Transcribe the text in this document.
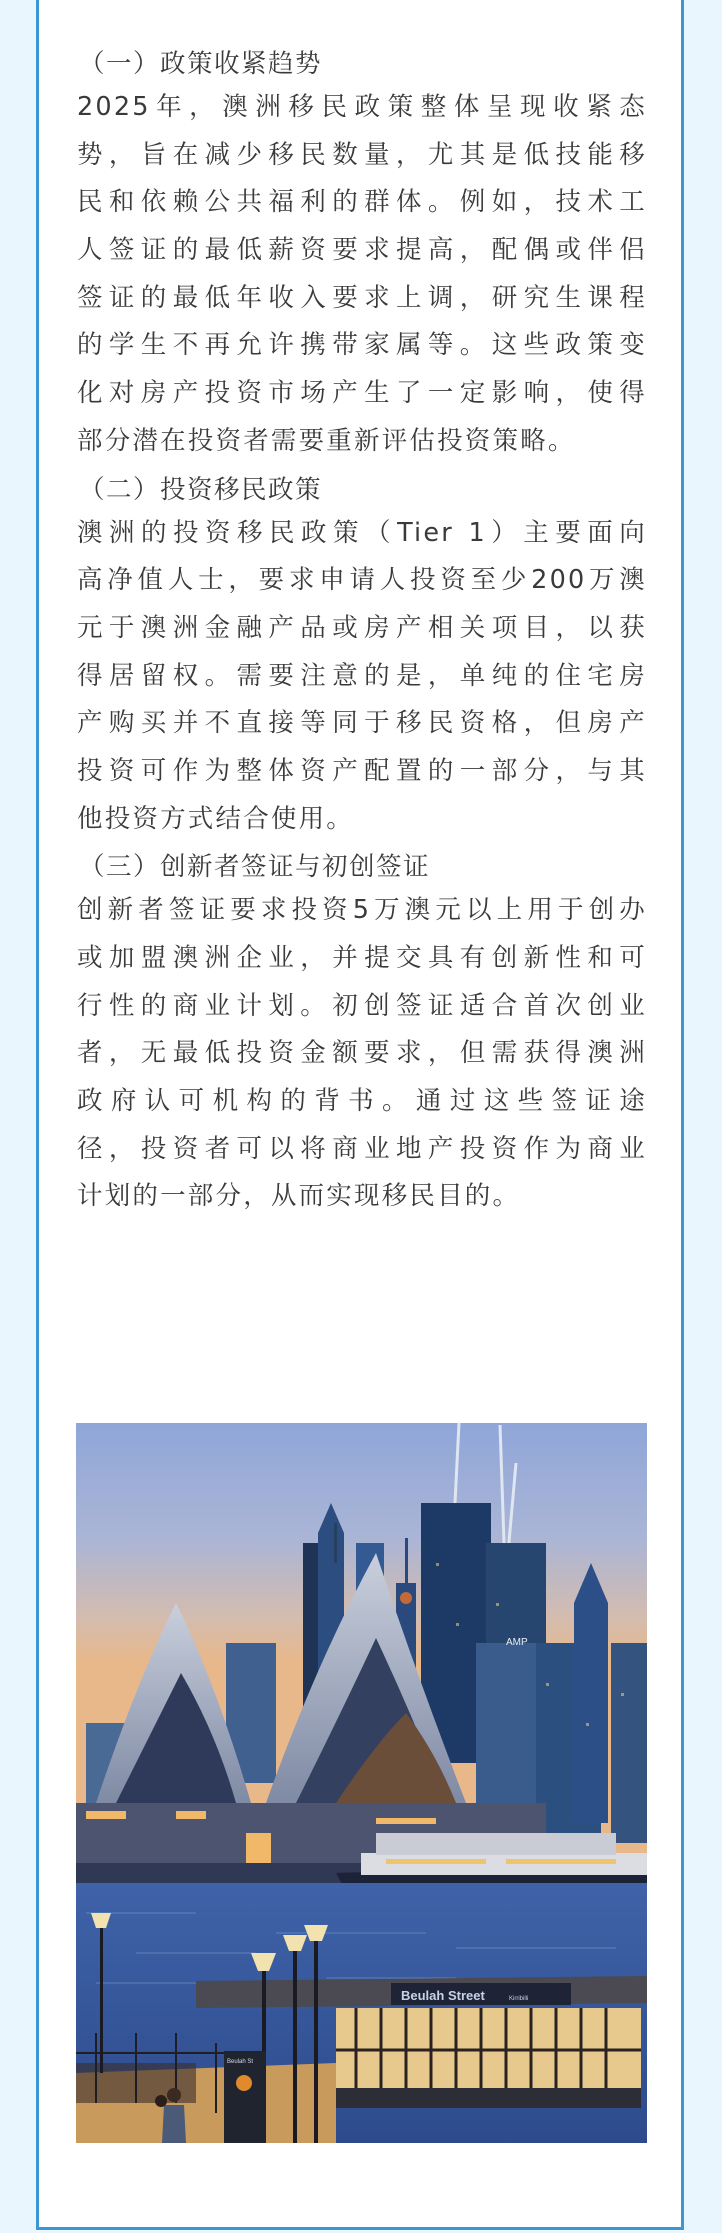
（一）政策收紧趋势
2025年，澳洲移民政策整体呈现收紧态
势，旨在减少移民数量，尤其是低技能移
民和依赖公共福利的群体。例如，技术工
人签证的最低薪资要求提高，配偶或伴侣
签证的最低年收入要求上调，研究生课程
的学生不再允许携带家属等。这些政策变
化对房产投资市场产生了一定影响，使得
部分潜在投资者需要重新评估投资策略。
（二）投资移民政策
澳洲的投资移民政策（Tier 1）主要面向
高净值人士，要求申请人投资至少200万澳
元于澳洲金融产品或房产相关项目，以获
得居留权。需要注意的是，单纯的住宅房
产购买并不直接等同于移民资格，但房产
投资可作为整体资产配置的一部分，与其
他投资方式结合使用。
（三）创新者签证与初创签证
创新者签证要求投资5万澳元以上用于创办
或加盟澳洲企业，并提交具有创新性和可
行性的商业计划。初创签证适合首次创业
者，无最低投资金额要求，但需获得澳洲
政府认可机构的背书。通过这些签证途
径，投资者可以将商业地产投资作为商业
计划的一部分，从而实现移民目的。
AMP
Beulah Street	Kirribilli
Beulah St
